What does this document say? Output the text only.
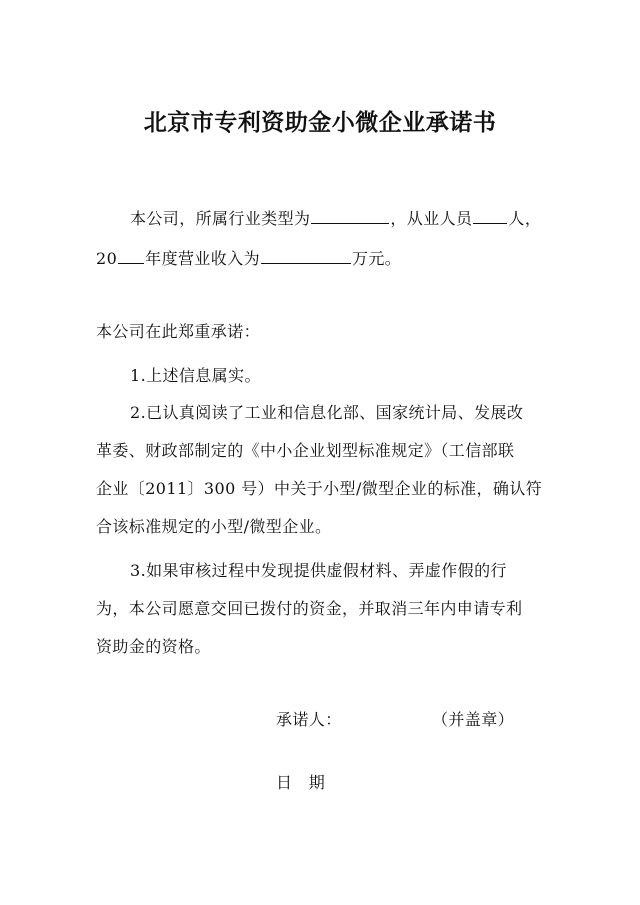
北京市专利资助金小微企业承诺书
本公司，所属行业类型为	，从业人员 人，
20 年度营业收入为	万元。
本公司在此郑重承诺：
1.上述信息属实。
2.已认真阅读了工业和信息化部、国家统计局、发展改
革委、财政部制定的《中小企业划型标准规定》（工信部联
企业〔2011〕300 号）中关于小型/微型企业的标准，确认符
合该标准规定的小型/微型企业。
3.如果审核过程中发现提供虚假材料、弄虚作假的行
为，本公司愿意交回已拨付的资金，并取消三年内申请专利
资助金的资格。
承诺人：	（并盖章）
日　期
